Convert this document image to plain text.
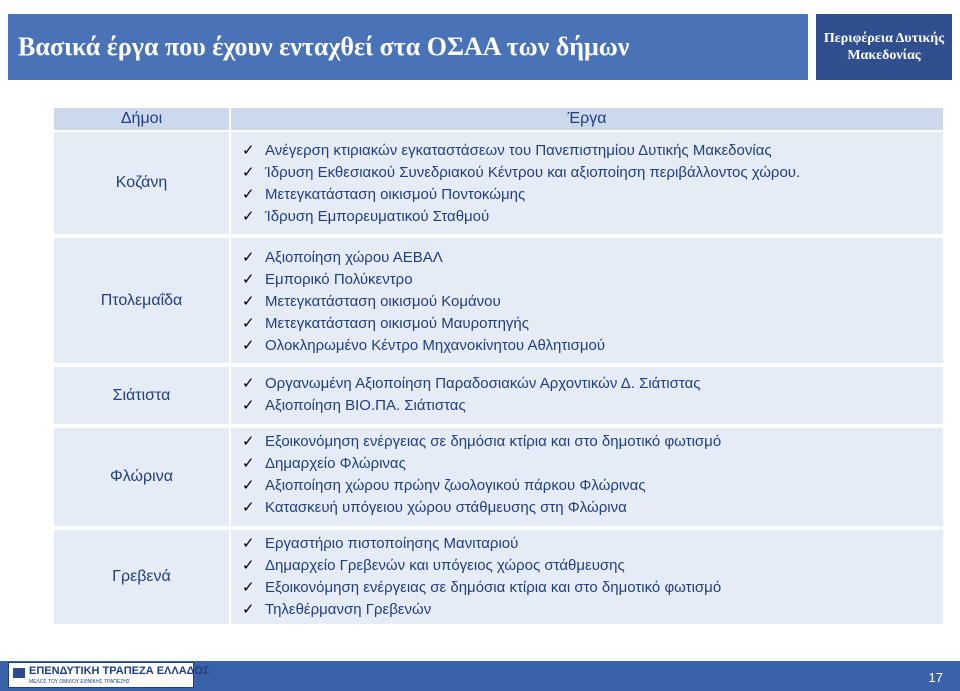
Βασικά έργα που έχουν ενταχθεί στα ΟΣΑΑ των δήμων	Περιφέρεια Δυτικής
Μακεδονίας
Δήμοι	Έργα
Κοζάνη
✓ Ανέγερση κτιριακών εγκαταστάσεων του Πανεπιστημίου Δυτικής Μακεδονίας
✓ Ίδρυση Εκθεσιακού Συνεδριακού Κέντρου και αξιοποίηση περιβάλλοντος χώρου.
✓ Μετεγκατάσταση οικισμού Ποντοκώμης
✓ Ίδρυση Εμπορευματικού Σταθμού
Πτολεμαΐδα
✓ Αξιοποίηση χώρου ΑΕΒΑΛ
✓ Εμπορικό Πολύκεντρο
✓ Μετεγκατάσταση οικισμού Κομάνου
✓ Μετεγκατάσταση οικισμού Μαυροπηγής
✓ Ολοκληρωμένο Κέντρο Μηχανοκίνητου Αθλητισμού
Σιάτιστα
✓ Οργανωμένη Αξιοποίηση Παραδοσιακών Αρχοντικών Δ. Σιάτιστας
✓ Αξιοποίηση ΒΙΟ.ΠΑ. Σιάτιστας
Φλώρινα
✓ Εξοικονόμηση ενέργειας σε δημόσια κτίρια και στο δημοτικό φωτισμό
✓ Δημαρχείο Φλώρινας
✓ Αξιοποίηση χώρου πρώην ζωολογικού πάρκου Φλώρινας
✓ Κατασκευή υπόγειου χώρου στάθμευσης στη Φλώρινα
Γρεβενά
✓ Εργαστήριο πιστοποίησης Μανιταριού
✓ Δημαρχείο Γρεβενών και υπόγειος χώρος στάθμευσης
✓ Εξοικονόμηση ενέργειας σε δημόσια κτίρια και στο δημοτικό φωτισμό
✓ Τηλεθέρμανση Γρεβενών
ΕΠΕΝΔΥΤΙΚΗ ΤΡΑΠΕΖΑ ΕΛΛΑΔΟΣ
ΜΕΛΟΣ ΤΟΥ ΟΜΙΛΟΥ ΕΘΝΙΚΗΣ ΤΡΑΠΕΖΗΣ	17
